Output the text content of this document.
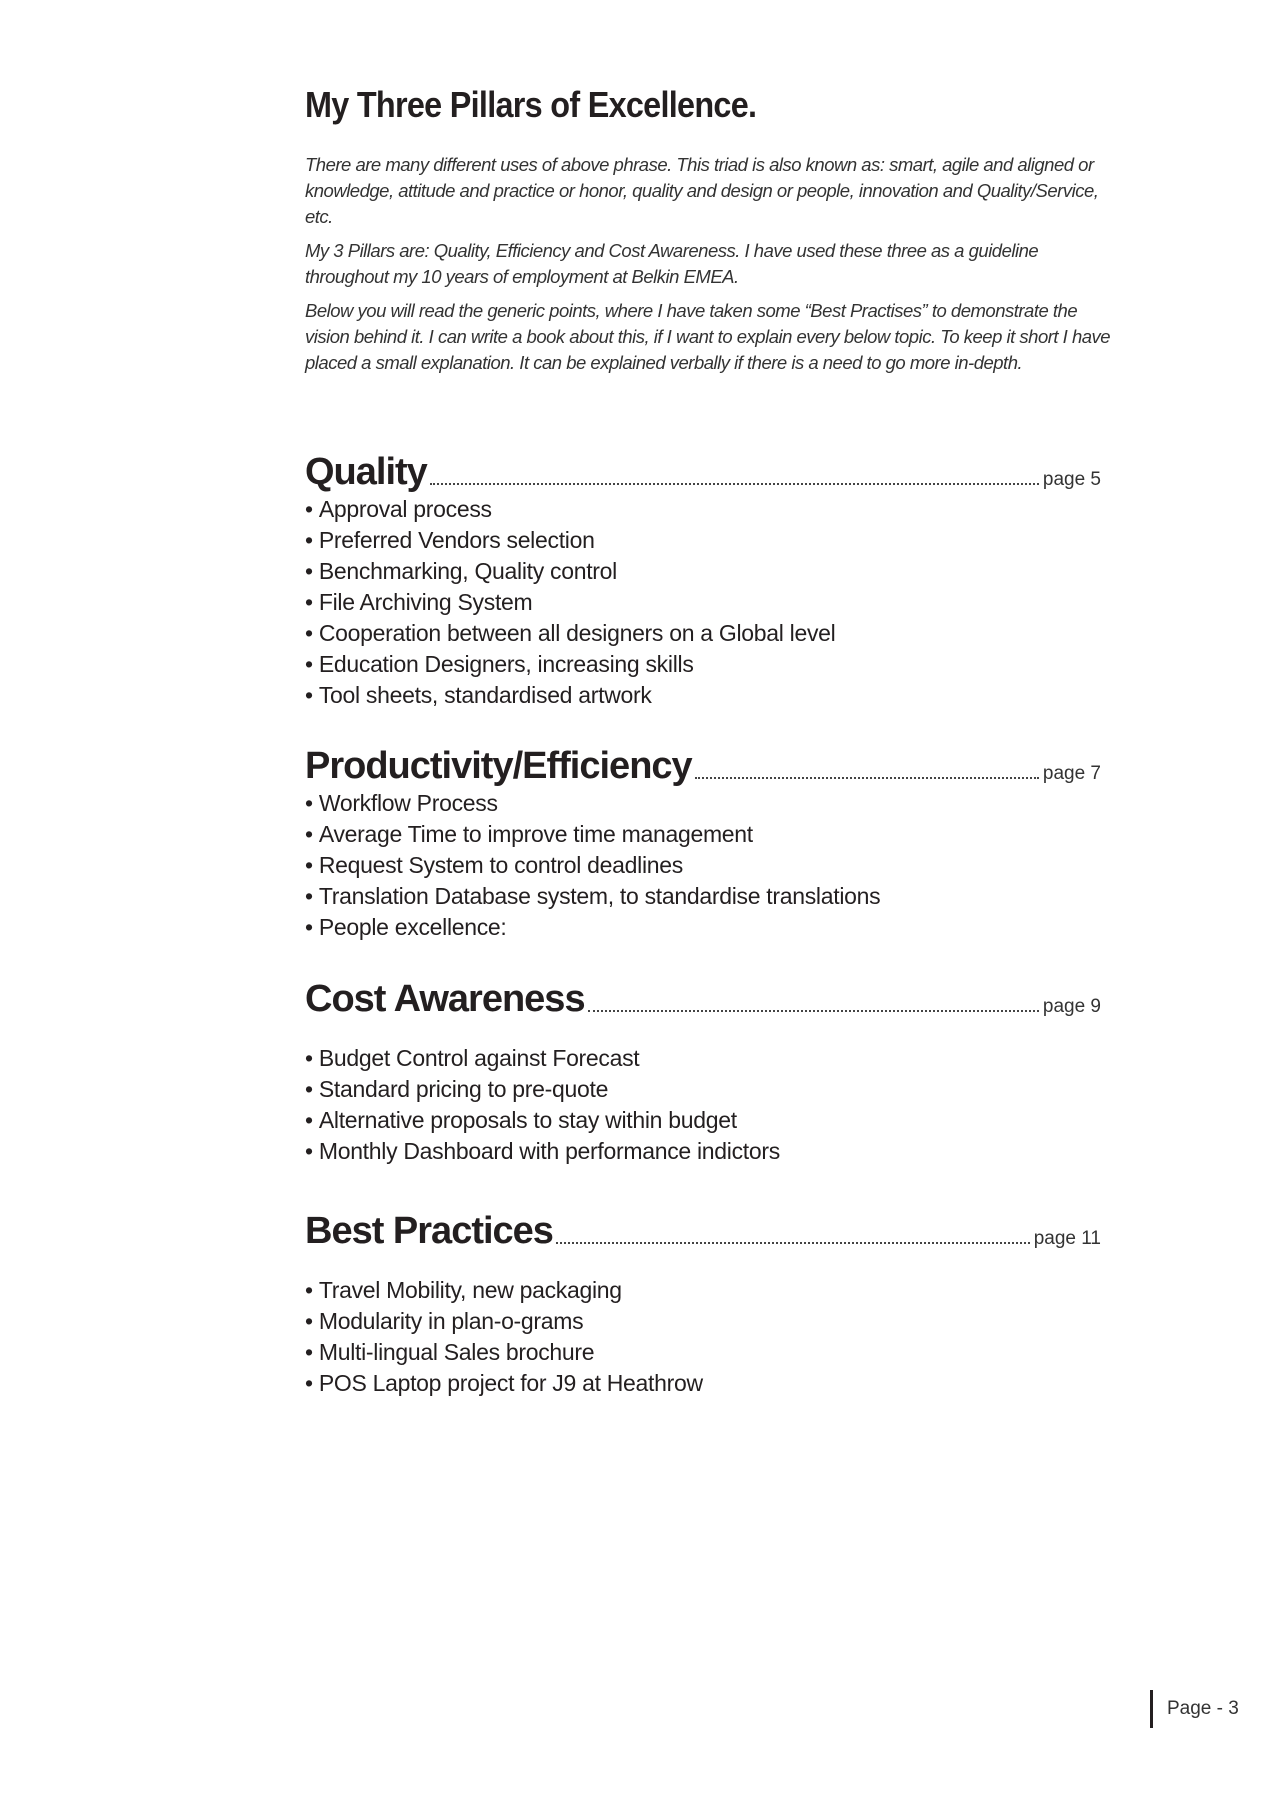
My Three Pillars of Excellence.

There are many different uses of above phrase. This triad is also known as: smart, agile and aligned or knowledge, attitude and practice or honor, quality and design or people, innovation and Quality/Service, etc.

My 3 Pillars are: Quality, Efficiency and Cost Awareness. I have used these three as a guideline throughout my 10 years of employment at Belkin EMEA.

Below you will read the generic points, where I have taken some “Best Practises” to demonstrate the vision behind it. I can write a book about this, if I want to explain every below topic. To keep it short I have placed a small explanation. It can be explained verbally if there is a need to go more in-depth.

Quality	page 5
• Approval process
• Preferred Vendors selection
• Benchmarking, Quality control
• File Archiving System
• Cooperation between all designers on a Global level
• Education Designers, increasing skills
• Tool sheets, standardised artwork
Productivity/Efficiency	page 7
• Workflow Process
• Average Time to improve time management
• Request System to control deadlines
• Translation Database system, to standardise translations
• People excellence:
Cost Awareness	page 9
• Budget Control against Forecast
• Standard pricing to pre-quote
• Alternative proposals to stay within budget
• Monthly Dashboard with performance indictors
Best Practices	page 11
• Travel Mobility, new packaging
• Modularity in plan-o-grams
• Multi-lingual Sales brochure
• POS Laptop project for J9 at Heathrow
Page - 3
